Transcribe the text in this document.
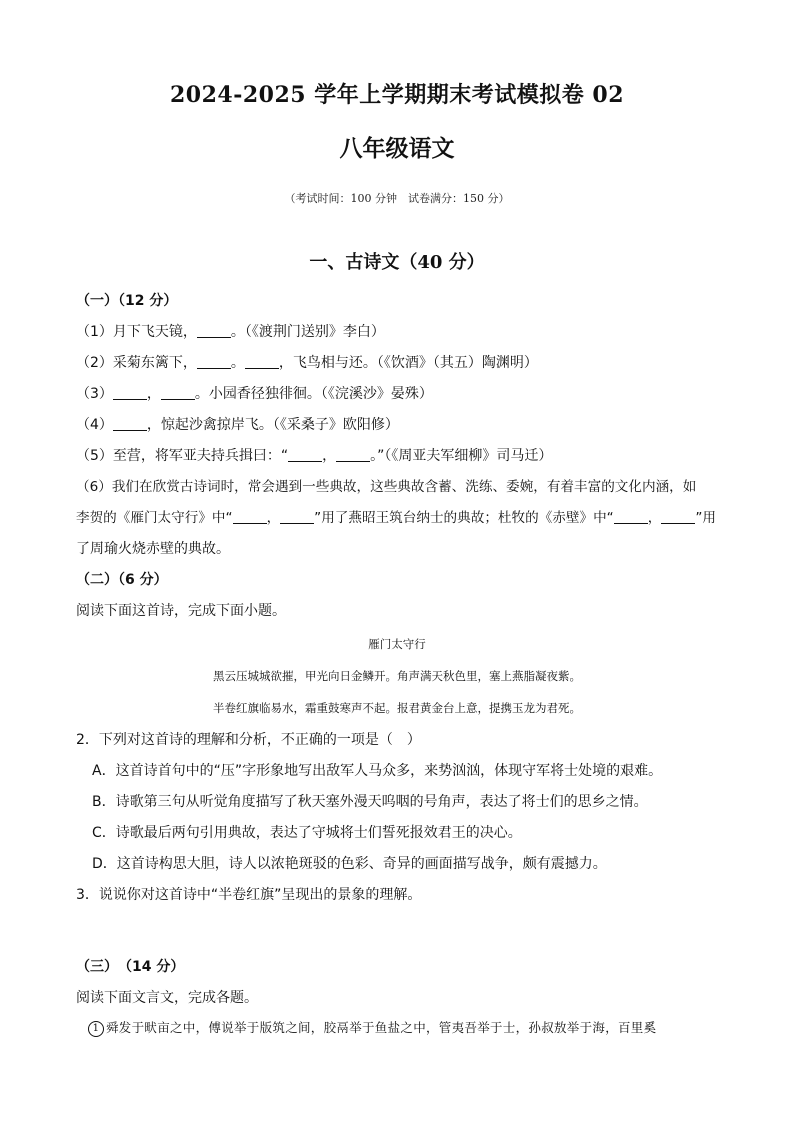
2024-2025 学年上学期期末考试模拟卷 02
八年级语文
（考试时间：100 分钟　试卷满分：150 分）
一、古诗文（40 分）
（一）（12 分）
（1）月下飞天镜， 。（《渡荆门送别》李白）
（2）采菊东篱下， 。 ，飞鸟相与还。（《饮酒》（其五）陶渊明）
（3） ， 。小园香径独徘徊。（《浣溪沙》晏殊）
（4） ，惊起沙禽掠岸飞。（《采桑子》欧阳修）
（5）至营，将军亚夫持兵揖曰：“ ， 。”（《周亚夫军细柳》司马迁）
（6）我们在欣赏古诗词时，常会遇到一些典故，这些典故含蓄、洗练、委婉，有着丰富的文化内涵，如
李贺的《雁门太守行》中“	，	”用了燕昭王筑台纳士的典故；杜牧的《赤壁》中“	，	”用
了周瑜火烧赤壁的典故。
（二）（6 分）
阅读下面这首诗，完成下面小题。
雁门太守行
黑云压城城欲摧，甲光向日金鳞开。角声满天秋色里，塞上燕脂凝夜紫。
半卷红旗临易水，霜重鼓寒声不起。报君黄金台上意，提携玉龙为君死。
2．下列对这首诗的理解和分析，不正确的一项是（　）
A．这首诗首句中的“压”字形象地写出敌军人马众多，来势汹汹，体现守军将士处境的艰难。
B．诗歌第三句从听觉角度描写了秋天塞外漫天呜咽的号角声，表达了将士们的思乡之情。
C．诗歌最后两句引用典故，表达了守城将士们誓死报效君王的决心。
D．这首诗构思大胆，诗人以浓艳斑驳的色彩、奇异的画面描写战争，颇有震撼力。
3．说说你对这首诗中“半卷红旗”呈现出的景象的理解。
（三）　（14 分）
阅读下面文言文，完成各题。
1 舜发于畎亩之中，傅说举于版筑之间，胶鬲举于鱼盐之中，管夷吾举于士，孙叔敖举于海，百里奚
